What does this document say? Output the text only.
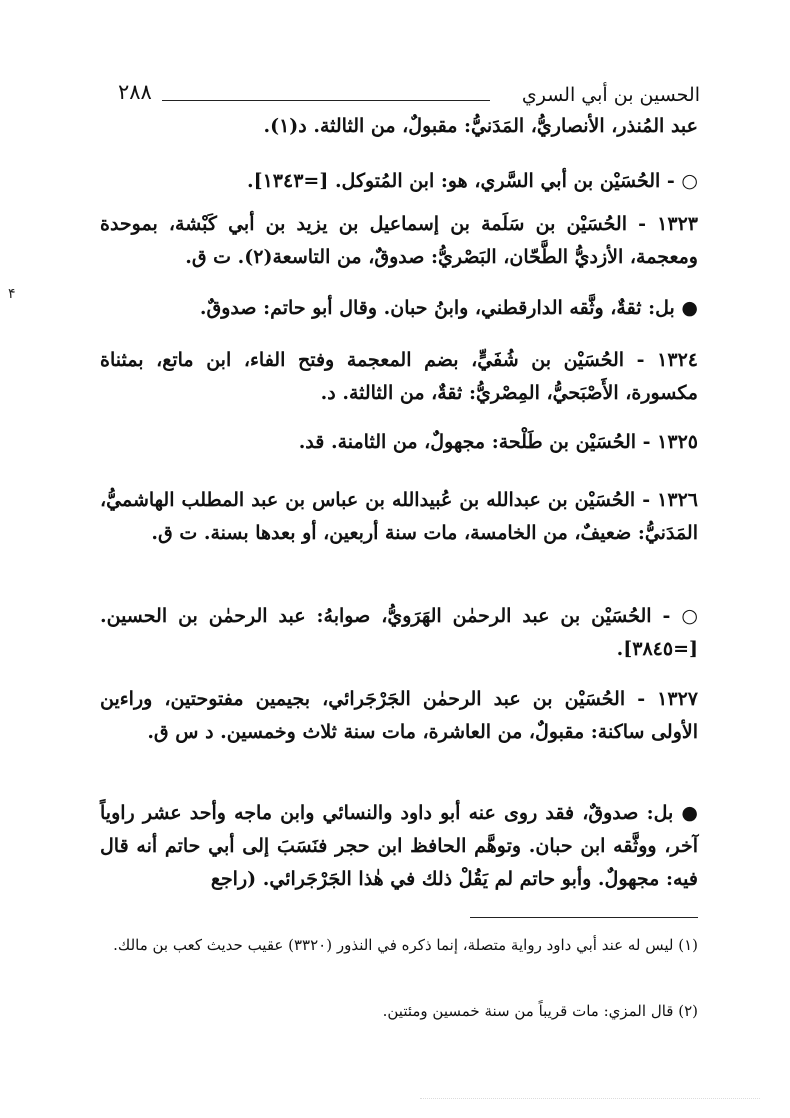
٢٨٨	الحسين بن أبي السري
۴

عبد المُنذر، الأنصاريُّ، المَدَنيُّ: مقبولٌ، من الثالثة. د(١).

○ - الحُسَيْن بن أبي السَّري، هو: ابن المُتوكل. [=١٣٤٣].

١٣٢٣ - الحُسَيْن بن سَلَمة بن إسماعيل بن يزيد بن أبي كَبْشة، بموحدة ومعجمة، الأزديُّ الطَّحّان، البَصْريُّ: صدوقٌ، من التاسعة(٢). ت ق.

● بل: ثقةٌ، وثَّقه الدارقطني، وابنُ حبان. وقال أبو حاتم: صدوقٌ.

١٣٢٤ - الحُسَيْن بن شُفَيٍّ، بضم المعجمة وفتح الفاء، ابن ماتع، بمثناة مكسورة، الأَصْبَحيُّ، المِصْريُّ: ثقةٌ، من الثالثة. د.

١٣٢٥ - الحُسَيْن بن طَلْحة: مجهولٌ، من الثامنة. قد.

١٣٢٦ - الحُسَيْن بن عبدالله بن عُبيدالله بن عباس بن عبد المطلب الهاشميُّ، المَدَنيُّ: ضعيفٌ، من الخامسة، مات سنة أربعين، أو بعدها بسنة. ت ق.

○ - الحُسَيْن بن عبد الرحمٰن الهَرَويُّ، صوابهُ: عبد الرحمٰن بن الحسين. [=٣٨٤٥].

١٣٢٧ - الحُسَيْن بن عبد الرحمٰن الجَرْجَرائي، بجيمين مفتوحتين، وراءين الأولى ساكنة: مقبولٌ، من العاشرة، مات سنة ثلاث وخمسين. د س ق.

● بل: صدوقٌ، فقد روى عنه أبو داود والنسائي وابن ماجه وأحد عشر راوياً آخر، ووثَّقه ابن حبان. وتوهَّم الحافظ ابن حجر فنَسَبَ إلى أبي حاتم أنه قال فيه: مجهولٌ. وأبو حاتم لم يَقُلْ ذلك في هٰذا الجَرْجَرائي. (راجع

(١) ليس له عند أبي داود رواية متصلة، إنما ذكره في النذور (٣٣٢٠) عقيب حديث كعب بن مالك.

(٢) قال المزي: مات قريباً من سنة خمسين ومئتين.
